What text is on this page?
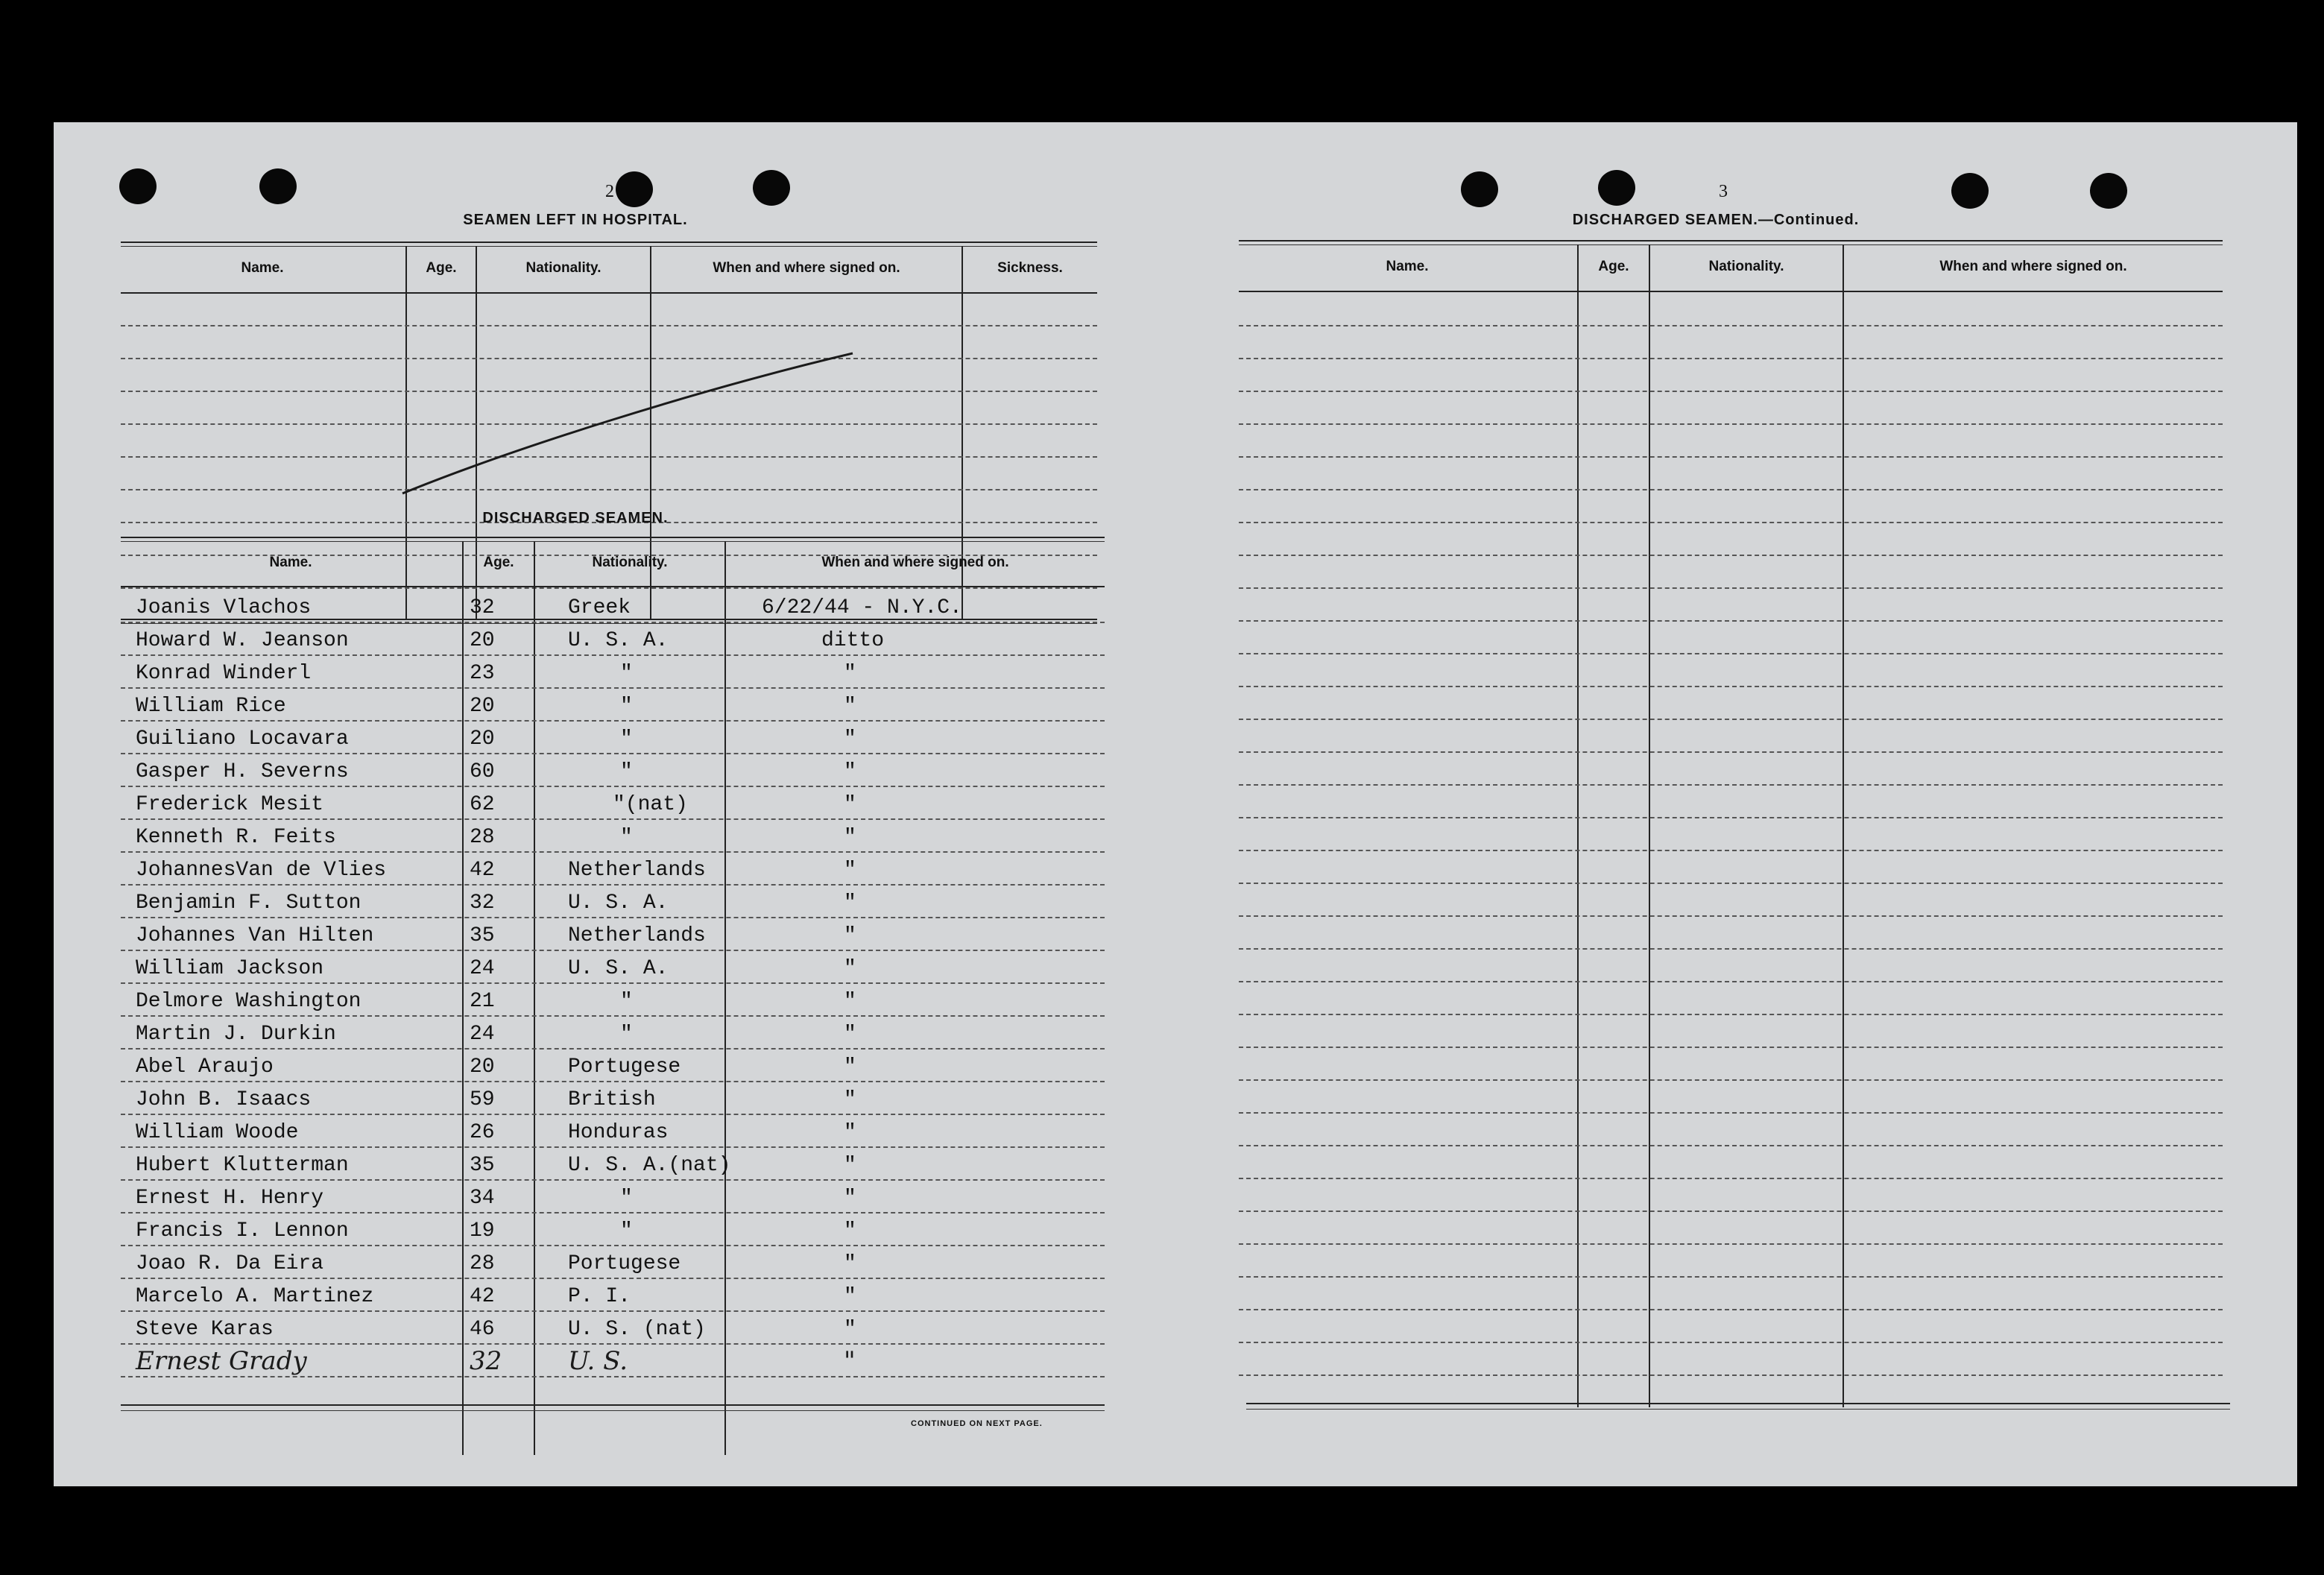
2
SEAMEN LEFT IN HOSPITAL.
Name.	Age.	Nationality.	When and where signed on.	Sickness.
DISCHARGED SEAMEN.
Name.	Age.	Nationality.	When and where signed on.
Joanis Vlachos	32	Greek	6/22/44 - N.Y.C.
Howard W. Jeanson	20	U. S. A.	ditto
Konrad Winderl	23	"	"
William Rice	20	"	"
Guiliano Locavara	20	"	"
Gasper H. Severns	60	"	"
Frederick Mesit	62	"(nat)	"
Kenneth R. Feits	28	"	"
JohannesVan de Vlies	42	Netherlands	"
Benjamin F. Sutton	32	U. S. A.	"
Johannes Van Hilten	35	Netherlands	"
William Jackson	24	U. S. A.	"
Delmore Washington	21	"	"
Martin J. Durkin	24	"	"
Abel Araujo	20	Portugese	"
John B. Isaacs	59	British	"
William Woode	26	Honduras	"
Hubert Klutterman	35	U. S. A.(nat)	"
Ernest H. Henry	34	"	"
Francis I. Lennon	19	"	"
Joao R. Da Eira	28	Portugese	"
Marcelo A. Martinez	42	P. I.	"
Steve Karas	46	U. S. (nat)	"
Ernest Grady	32	U. S.	"
CONTINUED ON NEXT PAGE.
3
DISCHARGED SEAMEN.—Continued.
Name.	Age.	Nationality.	When and where signed on.
